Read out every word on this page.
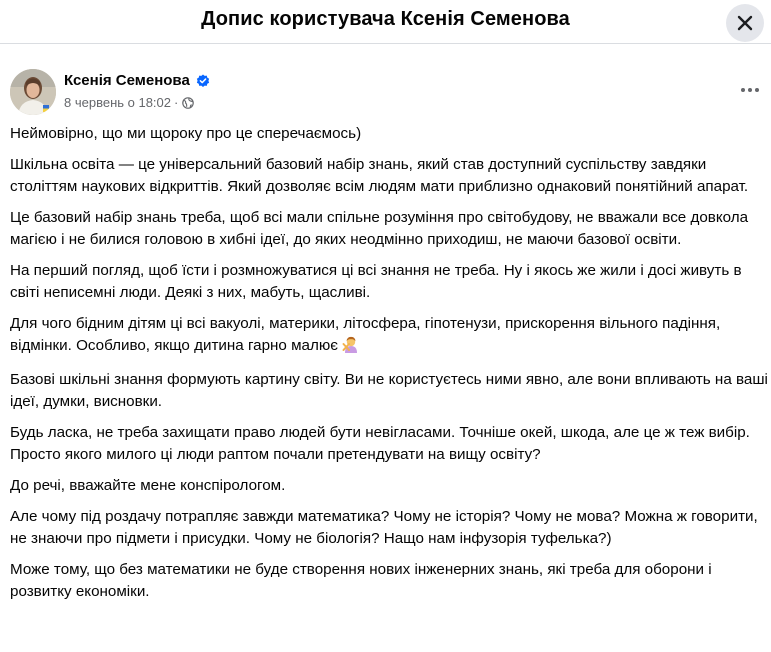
Допис користувача Ксенія Семенова
Ксенія Семенова
8 червень о 18:02 ·

Неймовірно, що ми щороку про це сперечаємось)

Шкільна освіта — це універсальний базовий набір знань, який став доступний суспільству завдяки століттям наукових відкриттів. Який дозволяє всім людям мати приблизно однаковий понятійний апарат.

Це базовий набір знань треба, щоб всі мали спільне розуміння про світобудову, не вважали все довкола магією і не билися головою в хибні ідеї, до яких неодмінно приходиш, не маючи базової освіти.

На перший погляд, щоб їсти і розмножуватися ці всі знання не треба. Ну і якось же жили і досі живуть в світі неписемні люди. Деякі з них, мабуть, щасливі.

Для чого бідним дітям ці всі вакуолі, материки, літосфера, гіпотенузи, прискорення вільного падіння, відмінки. Особливо, якщо дитина гарно малює

Базові шкільні знання формують картину світу. Ви не користуєтесь ними явно, але вони впливають на ваші ідеї, думки, висновки.

Будь ласка, не треба захищати право людей бути невігласами. Точніше окей, шкода, але це ж теж вибір. Просто якого милого ці люди раптом почали претендувати на вищу освіту?

До речі, вважайте мене конспірологом.

Але чому під роздачу потрапляє завжди математика? Чому не історія? Чому не мова? Можна ж говорити, не знаючи про підмети і присудки. Чому не біологія? Нащо нам інфузорія туфелька?)

Може тому, що без математики не буде створення нових інженерних знань, які треба для оборони і розвитку економіки.
